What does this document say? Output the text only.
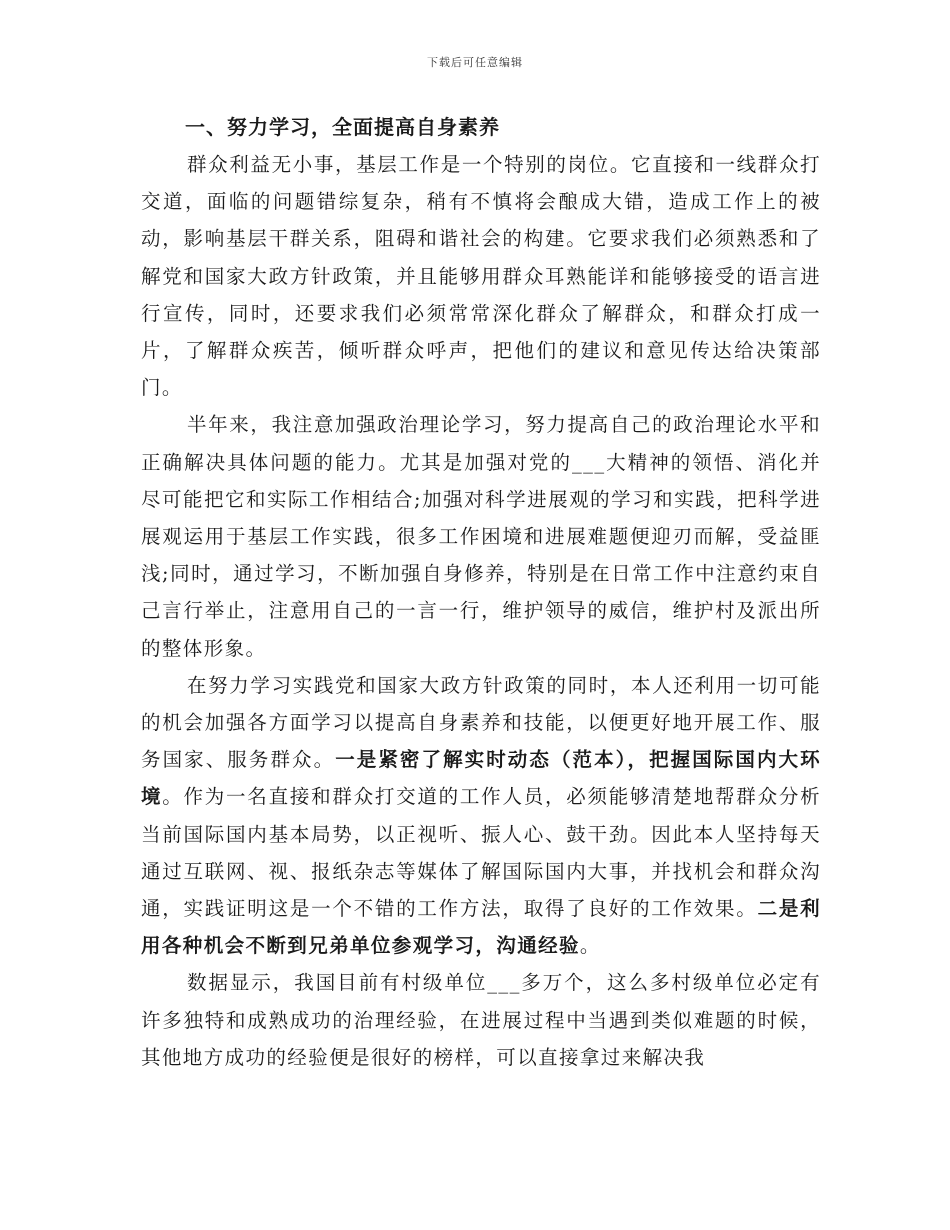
下载后可任意编辑
一、努力学习，全面提高自身素养

群众利益无小事，基层工作是一个特别的岗位。它直接和一线群众打交道，面临的问题错综复杂，稍有不慎将会酿成大错，造成工作上的被动，影响基层干群关系，阻碍和谐社会的构建。它要求我们必须熟悉和了解党和国家大政方针政策，并且能够用群众耳熟能详和能够接受的语言进行宣传，同时，还要求我们必须常常深化群众了解群众，和群众打成一片，了解群众疾苦，倾听群众呼声，把他们的建议和意见传达给决策部门。

半年来，我注意加强政治理论学习，努力提高自己的政治理论水平和正确解决具体问题的能力。尤其是加强对党的___大精神的领悟、消化并尽可能把它和实际工作相结合;加强对科学进展观的学习和实践，把科学进展观运用于基层工作实践，很多工作困境和进展难题便迎刃而解，受益匪浅;同时，通过学习，不断加强自身修养，特别是在日常工作中注意约束自己言行举止，注意用自己的一言一行，维护领导的威信，维护村及派出所的整体形象。

在努力学习实践党和国家大政方针政策的同时，本人还利用一切可能的机会加强各方面学习以提高自身素养和技能，以便更好地开展工作、服务国家、服务群众。一是紧密了解实时动态（范本），把握国际国内大环境。作为一名直接和群众打交道的工作人员，必须能够清楚地帮群众分析当前国际国内基本局势，以正视听、振人心、鼓干劲。因此本人坚持每天通过互联网、视、报纸杂志等媒体了解国际国内大事，并找机会和群众沟通，实践证明这是一个不错的工作方法，取得了良好的工作效果。二是利用各种机会不断到兄弟单位参观学习，沟通经验。

数据显示，我国目前有村级单位___多万个，这么多村级单位必定有许多独特和成熟成功的治理经验，在进展过程中当遇到类似难题的时候，其他地方成功的经验便是很好的榜样，可以直接拿过来解决我
